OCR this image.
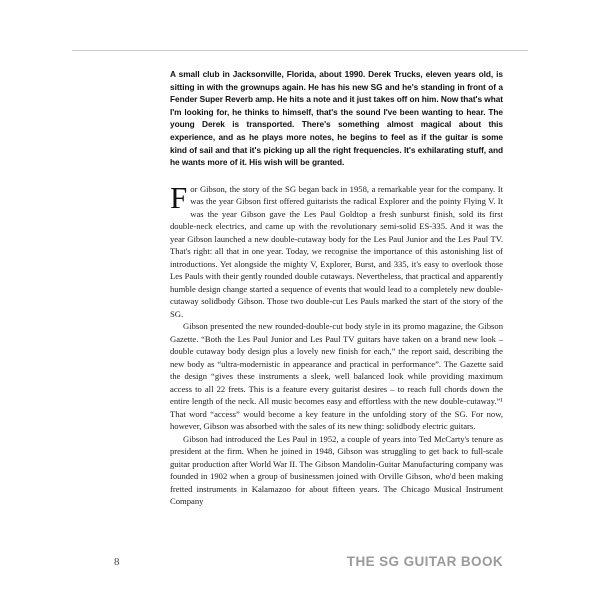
A small club in Jacksonville, Florida, about 1990. Derek Trucks, eleven years old, is sitting in with the grownups again. He has his new SG and he's standing in front of a Fender Super Reverb amp. He hits a note and it just takes off on him. Now that's what I'm looking for, he thinks to himself, that's the sound I've been wanting to hear. The young Derek is transported. There's something almost magical about this experience, and as he plays more notes, he begins to feel as if the guitar is some kind of sail and that it's picking up all the right frequencies. It's exhilarating stuff, and he wants more of it. His wish will be granted.

For Gibson, the story of the SG began back in 1958, a remarkable year for the company. It was the year Gibson first offered guitarists the radical Explorer and the pointy Flying V. It was the year Gibson gave the Les Paul Goldtop a fresh sunburst finish, sold its first double-neck electrics, and came up with the revolutionary semi-solid ES-335. And it was the year Gibson launched a new double-cutaway body for the Les Paul Junior and the Les Paul TV. That's right: all that in one year. Today, we recognise the importance of this astonishing list of introductions. Yet alongside the mighty V, Explorer, Burst, and 335, it's easy to overlook those Les Pauls with their gently rounded double cutaways. Nevertheless, that practical and apparently humble design change started a sequence of events that would lead to a completely new double-cutaway solidbody Gibson. Those two double-cut Les Pauls marked the start of the story of the SG.

Gibson presented the new rounded-double-cut body style in its promo magazine, the Gibson Gazette. “Both the Les Paul Junior and Les Paul TV guitars have taken on a brand new look – double cutaway body design plus a lovely new finish for each,” the report said, describing the new body as “ultra-modernistic in appearance and practical in performance”. The Gazette said the design “gives these instruments a sleek, well balanced look while providing maximum access to all 22 frets. This is a feature every guitarist desires – to reach full chords down the entire length of the neck. All music becomes easy and effortless with the new double-cutaway.”¹ That word “access” would become a key feature in the unfolding story of the SG. For now, however, Gibson was absorbed with the sales of its new thing: solidbody electric guitars.

Gibson had introduced the Les Paul in 1952, a couple of years into Ted McCarty's tenure as president at the firm. When he joined in 1948, Gibson was struggling to get back to full-scale guitar production after World War II. The Gibson Mandolin-Guitar Manufacturing company was founded in 1902 when a group of businessmen joined with Orville Gibson, who'd been making fretted instruments in Kalamazoo for about fifteen years. The Chicago Musical Instrument Company

8	THE SG GUITAR BOOK
